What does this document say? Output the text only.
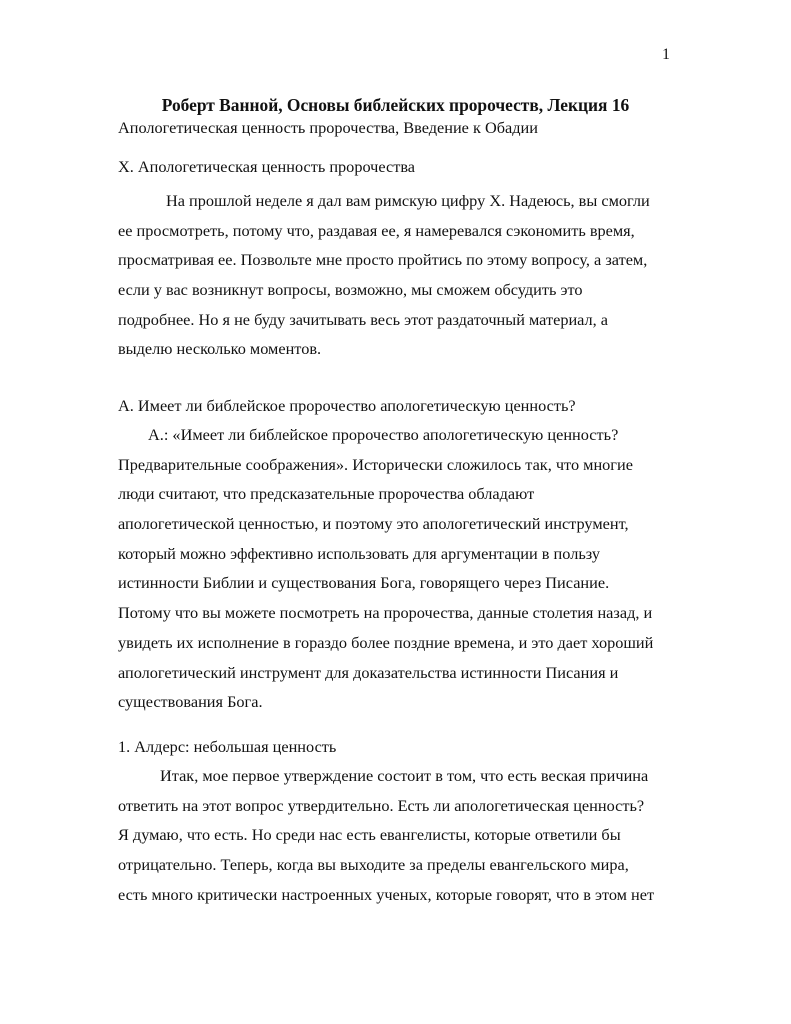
1
Роберт Ванной, Основы библейских пророчеств, Лекция 16
Апологетическая ценность пророчества, Введение к Обадии
X. Апологетическая ценность пророчества
На прошлой неделе я дал вам римскую цифру X. Надеюсь, вы смогли
ее просмотреть, потому что, раздавая ее, я намеревался сэкономить время,
просматривая ее. Позвольте мне просто пройтись по этому вопросу, а затем,
если у вас возникнут вопросы, возможно, мы сможем обсудить это
подробнее. Но я не буду зачитывать весь этот раздаточный материал, а
выделю несколько моментов.
A. Имеет ли библейское пророчество апологетическую ценность?
A.: «Имеет ли библейское пророчество апологетическую ценность?
Предварительные соображения». Исторически сложилось так, что многие
люди считают, что предсказательные пророчества обладают
апологетической ценностью, и поэтому это апологетический инструмент,
который можно эффективно использовать для аргументации в пользу
истинности Библии и существования Бога, говорящего через Писание.
Потому что вы можете посмотреть на пророчества, данные столетия назад, и
увидеть их исполнение в гораздо более поздние времена, и это дает хороший
апологетический инструмент для доказательства истинности Писания и
существования Бога.
1. Алдерс: небольшая ценность
Итак, мое первое утверждение состоит в том, что есть веская причина
ответить на этот вопрос утвердительно. Есть ли апологетическая ценность?
Я думаю, что есть. Но среди нас есть евангелисты, которые ответили бы
отрицательно. Теперь, когда вы выходите за пределы евангельского мира,
есть много критически настроенных ученых, которые говорят, что в этом нет
